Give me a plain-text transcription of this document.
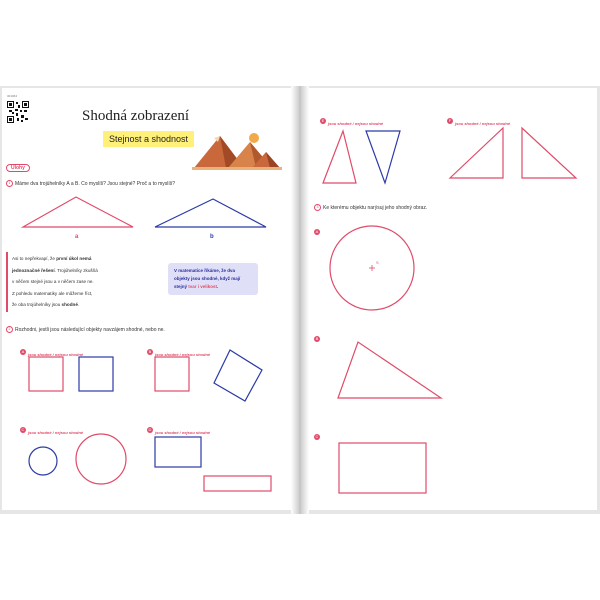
301064
Shodná zobrazení
Stejnost a shodnost
Úlohy
1 Máme dva trojúhelníky A a B. Co myslíš? Jsou stejné? Proč a to myslíš?
a	b
Asi to nepřekvapí, že první úkol nemá
jednoznačné řešení. Trojúhelníky zkušňá
v něčem stejné jsou a v něčem zase ne.
Z pohledu matematiky ale můžeme říct,
že oba trojúhelníky jsou shodné.
V matematice říkáme, že dva objekty jsou shodné, když mají stejný tvar i velikost.
2 Rozhodni, jestli jsou následující objekty navzájem shodné, nebo ne.
Ajsou shodné / nejsou shodné
Bjsou shodné / nejsou shodné
Cjsou shodné / nejsou shodné
Djsou shodné / nejsou shodné
Ejsou shodné / nejsou shodné
Fjsou shodné / nejsou shodné
3 Ke kterému objektu narýsuj jeho shodný obraz.
A
B
C
S
